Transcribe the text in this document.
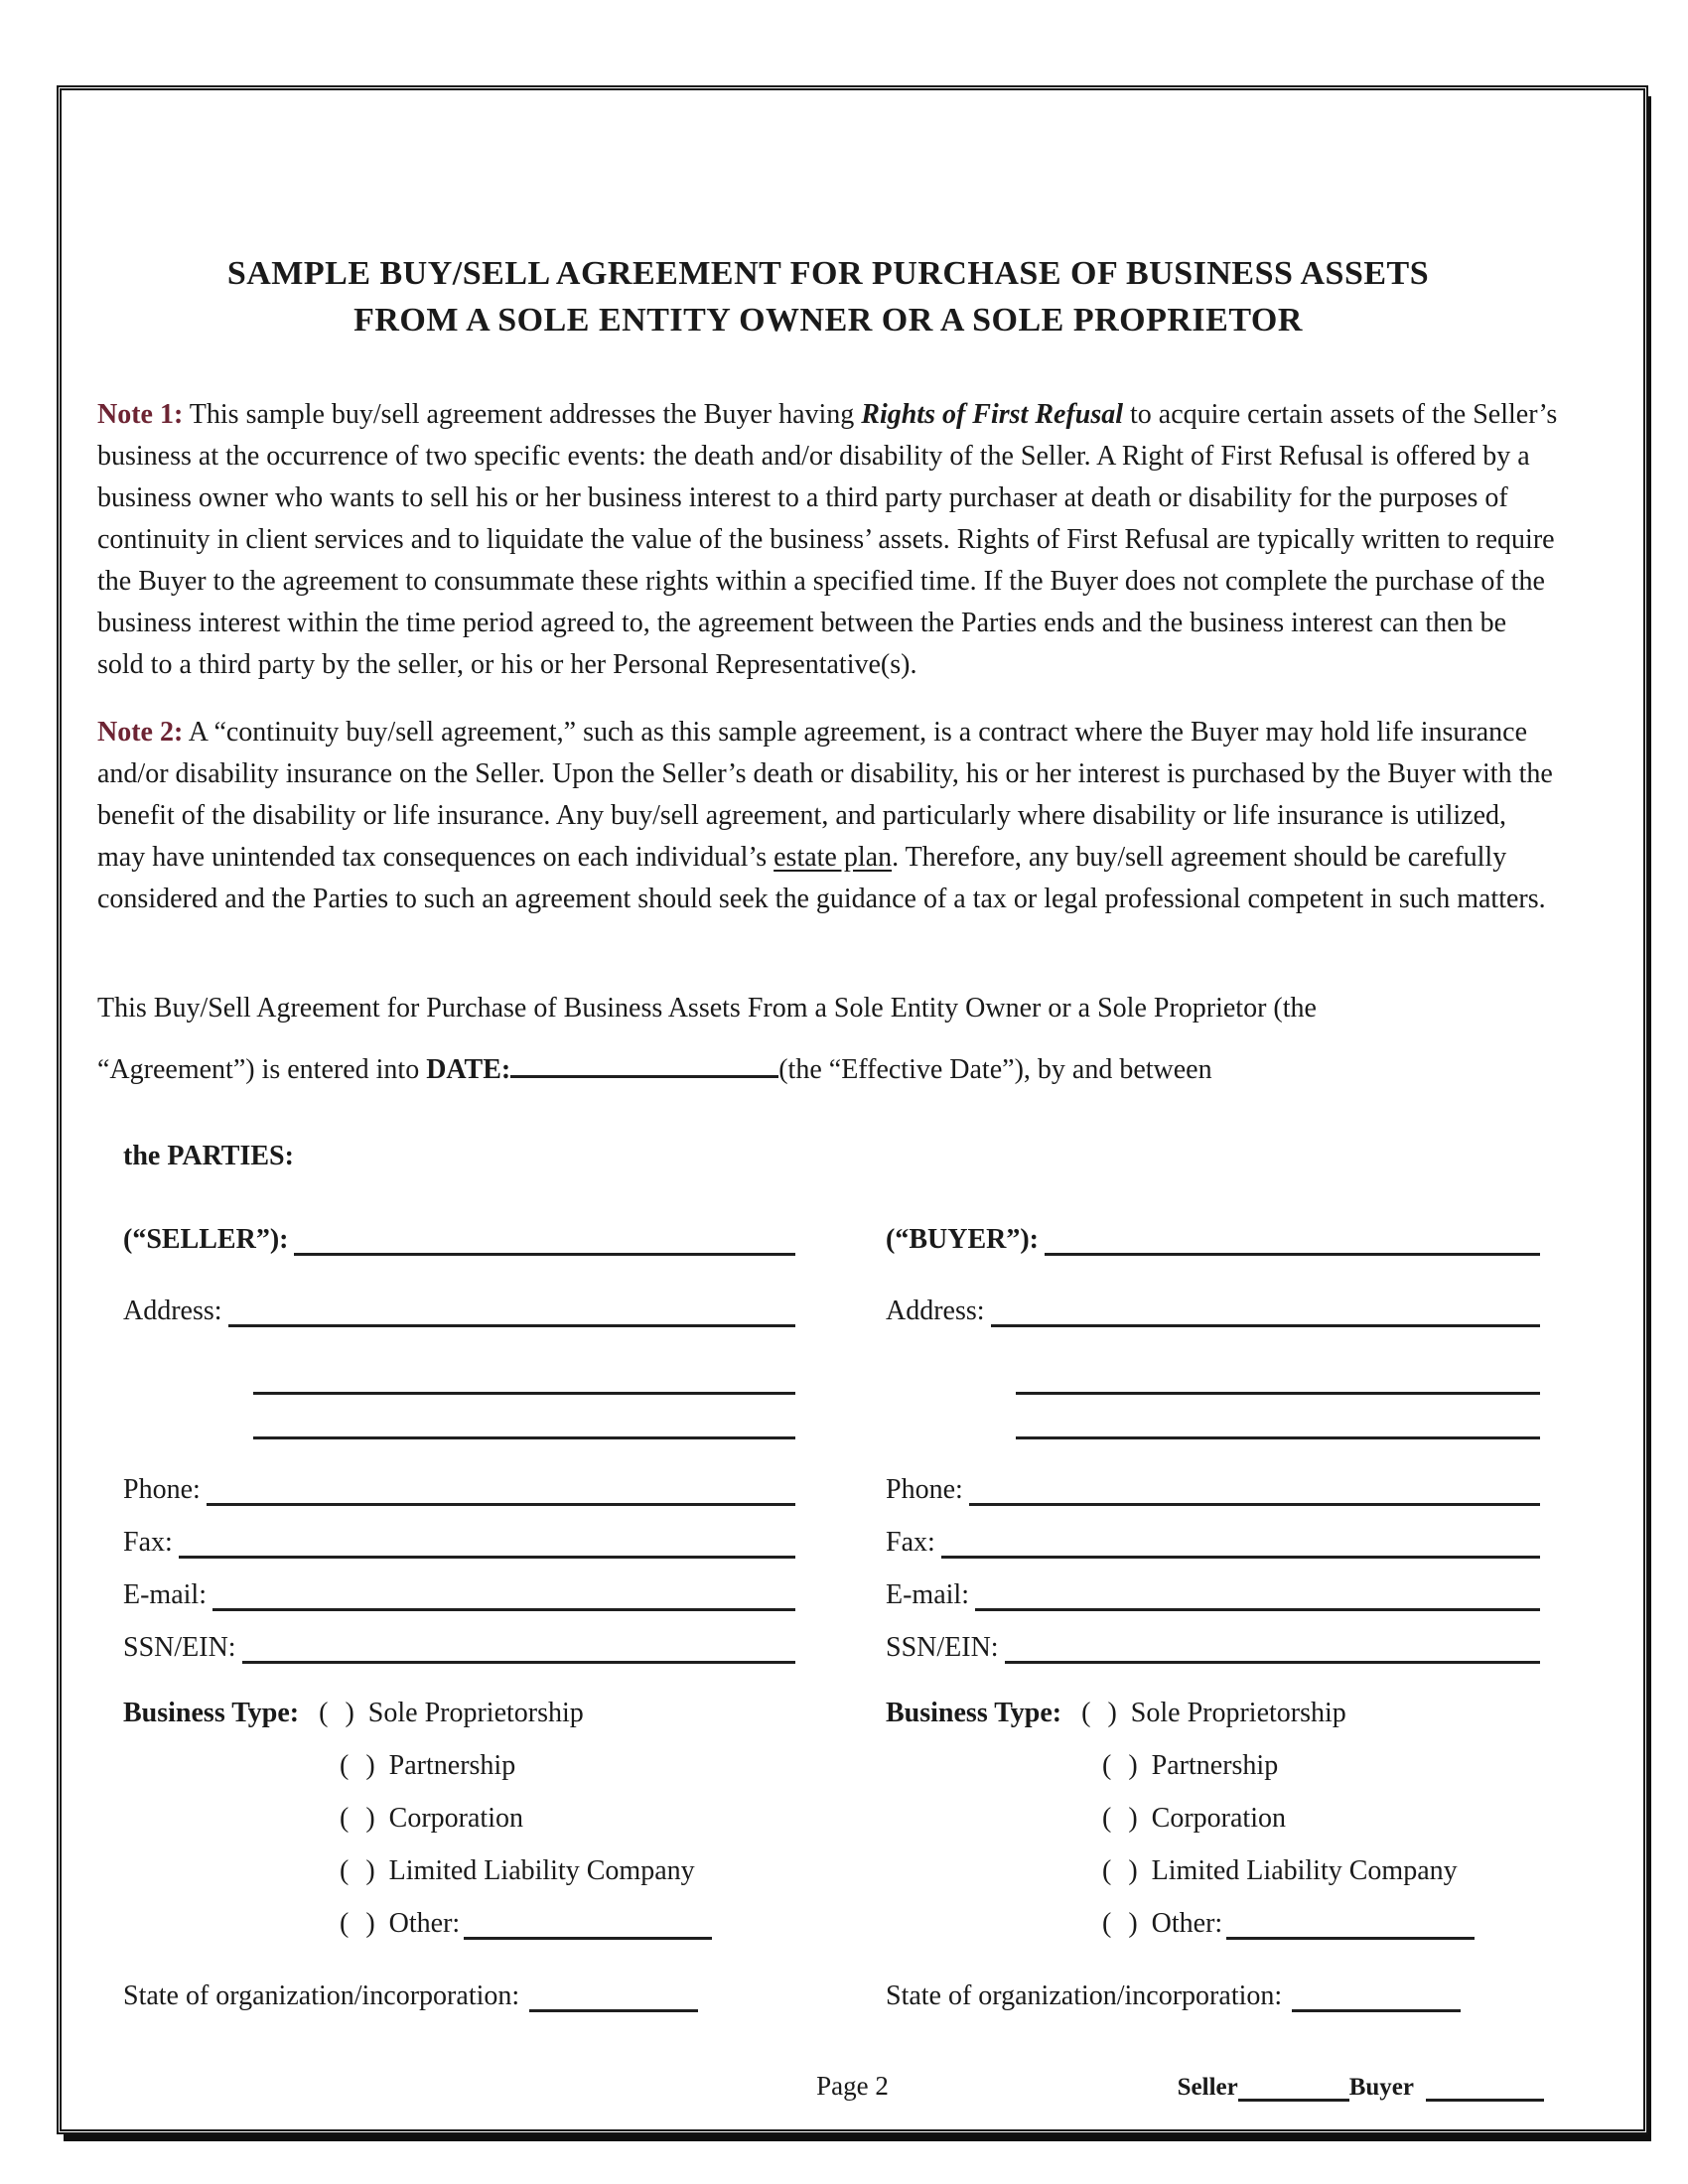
SAMPLE BUY/SELL AGREEMENT FOR PURCHASE OF BUSINESS ASSETS
FROM A SOLE ENTITY OWNER OR A SOLE PROPRIETOR

Note 1: This sample buy/sell agreement addresses the Buyer having Rights of First Refusal to acquire certain assets of the Seller’s business at the occurrence of two specific events: the death and/or disability of the Seller. A Right of First Refusal is offered by a business owner who wants to sell his or her business interest to a third party purchaser at death or disability for the purposes of continuity in client services and to liquidate the value of the business’ assets. Rights of First Refusal are typically written to require the Buyer to the agreement to consummate these rights within a specified time. If the Buyer does not complete the purchase of the business interest within the time period agreed to, the agreement between the Parties ends and the business interest can then be sold to a third party by the seller, or his or her Personal Representative(s).

Note 2: A “continuity buy/sell agreement,” such as this sample agreement, is a contract where the Buyer may hold life insurance and/or disability insurance on the Seller. Upon the Seller’s death or disability, his or her interest is purchased by the Buyer with the benefit of the disability or life insurance. Any buy/sell agreement, and particularly where disability or life insurance is utilized, may have unintended tax consequences on each individual’s estate plan. Therefore, any buy/sell agreement should be carefully considered and the Parties to such an agreement should seek the guidance of a tax or legal professional competent in such matters.

This Buy/Sell Agreement for Purchase of Business Assets From a Sole Entity Owner or a Sole Proprietor (the
“Agreement”) is entered into DATE:	(the “Effective Date”), by and between
the PARTIES:
(“SELLER”):
Address:
Phone:
Fax:
E-mail:
SSN/EIN:
Business Type: ( ) Sole Proprietorship
( ) Partnership
( ) Corporation
( ) Limited Liability Company
( ) Other:
State of organization/incorporation:
(“BUYER”):
Address:
Phone:
Fax:
E-mail:
SSN/EIN:
Business Type: ( ) Sole Proprietorship
( ) Partnership
( ) Corporation
( ) Limited Liability Company
( ) Other:
State of organization/incorporation:
Page 2	Seller	Buyer
